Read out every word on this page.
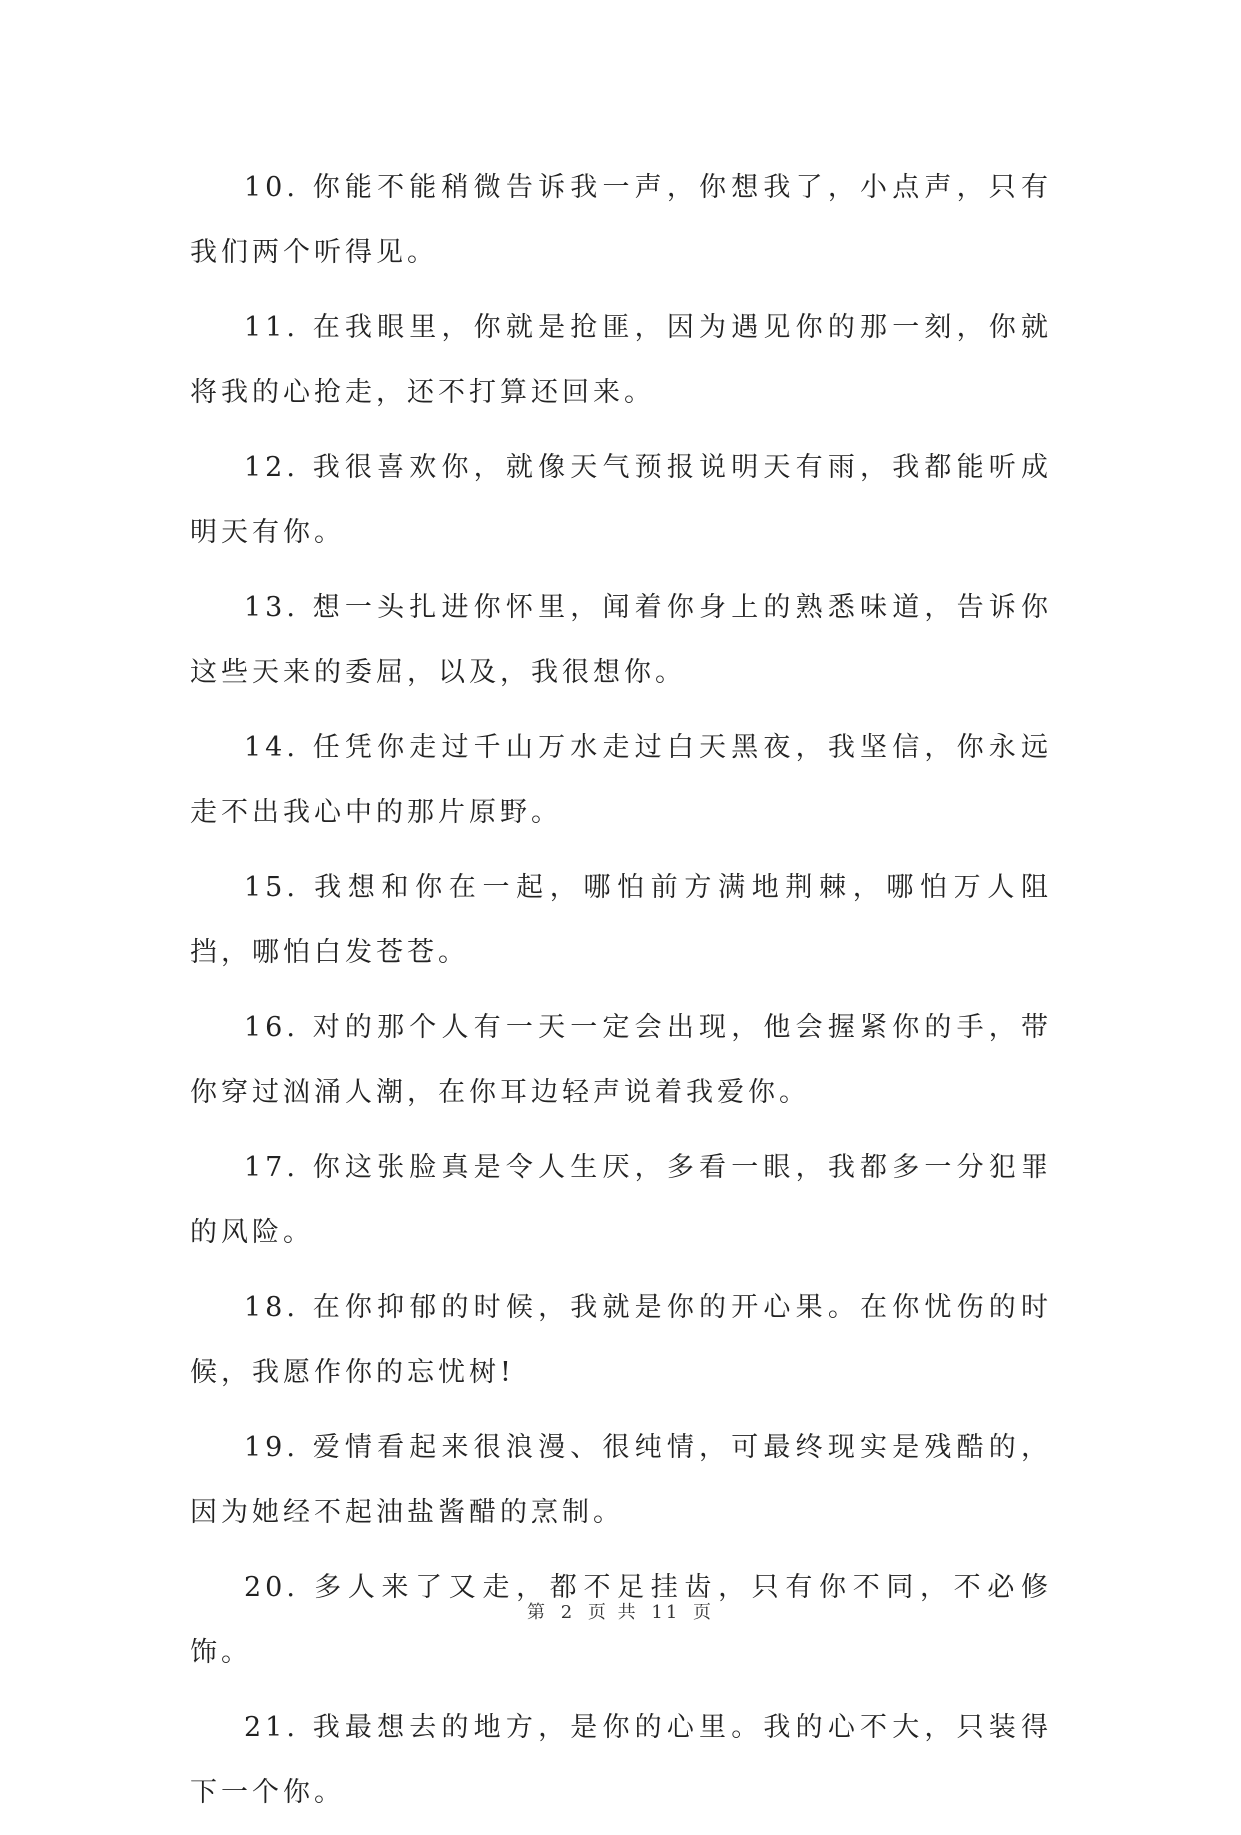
10. 你能不能稍微告诉我一声，你想我了，小点声，只有我们两个听得见。

11. 在我眼里，你就是抢匪，因为遇见你的那一刻，你就将我的心抢走，还不打算还回来。

12. 我很喜欢你，就像天气预报说明天有雨，我都能听成明天有你。

13. 想一头扎进你怀里，闻着你身上的熟悉味道，告诉你这些天来的委屈，以及，我很想你。

14. 任凭你走过千山万水走过白天黑夜，我坚信，你永远走不出我心中的那片原野。

15. 我想和你在一起，哪怕前方满地荆棘，哪怕万人阻挡，哪怕白发苍苍。

16. 对的那个人有一天一定会出现，他会握紧你的手，带你穿过汹涌人潮，在你耳边轻声说着我爱你。

17. 你这张脸真是令人生厌，多看一眼，我都多一分犯罪的风险。

18. 在你抑郁的时候，我就是你的开心果。在你忧伤的时候，我愿作你的忘忧树!

19. 爱情看起来很浪漫、很纯情，可最终现实是残酷的，因为她经不起油盐酱醋的烹制。

20. 多人来了又走，都不足挂齿，只有你不同，不必修饰。

21. 我最想去的地方，是你的心里。我的心不大，只装得下一个你。

第 2 页 共 11 页
